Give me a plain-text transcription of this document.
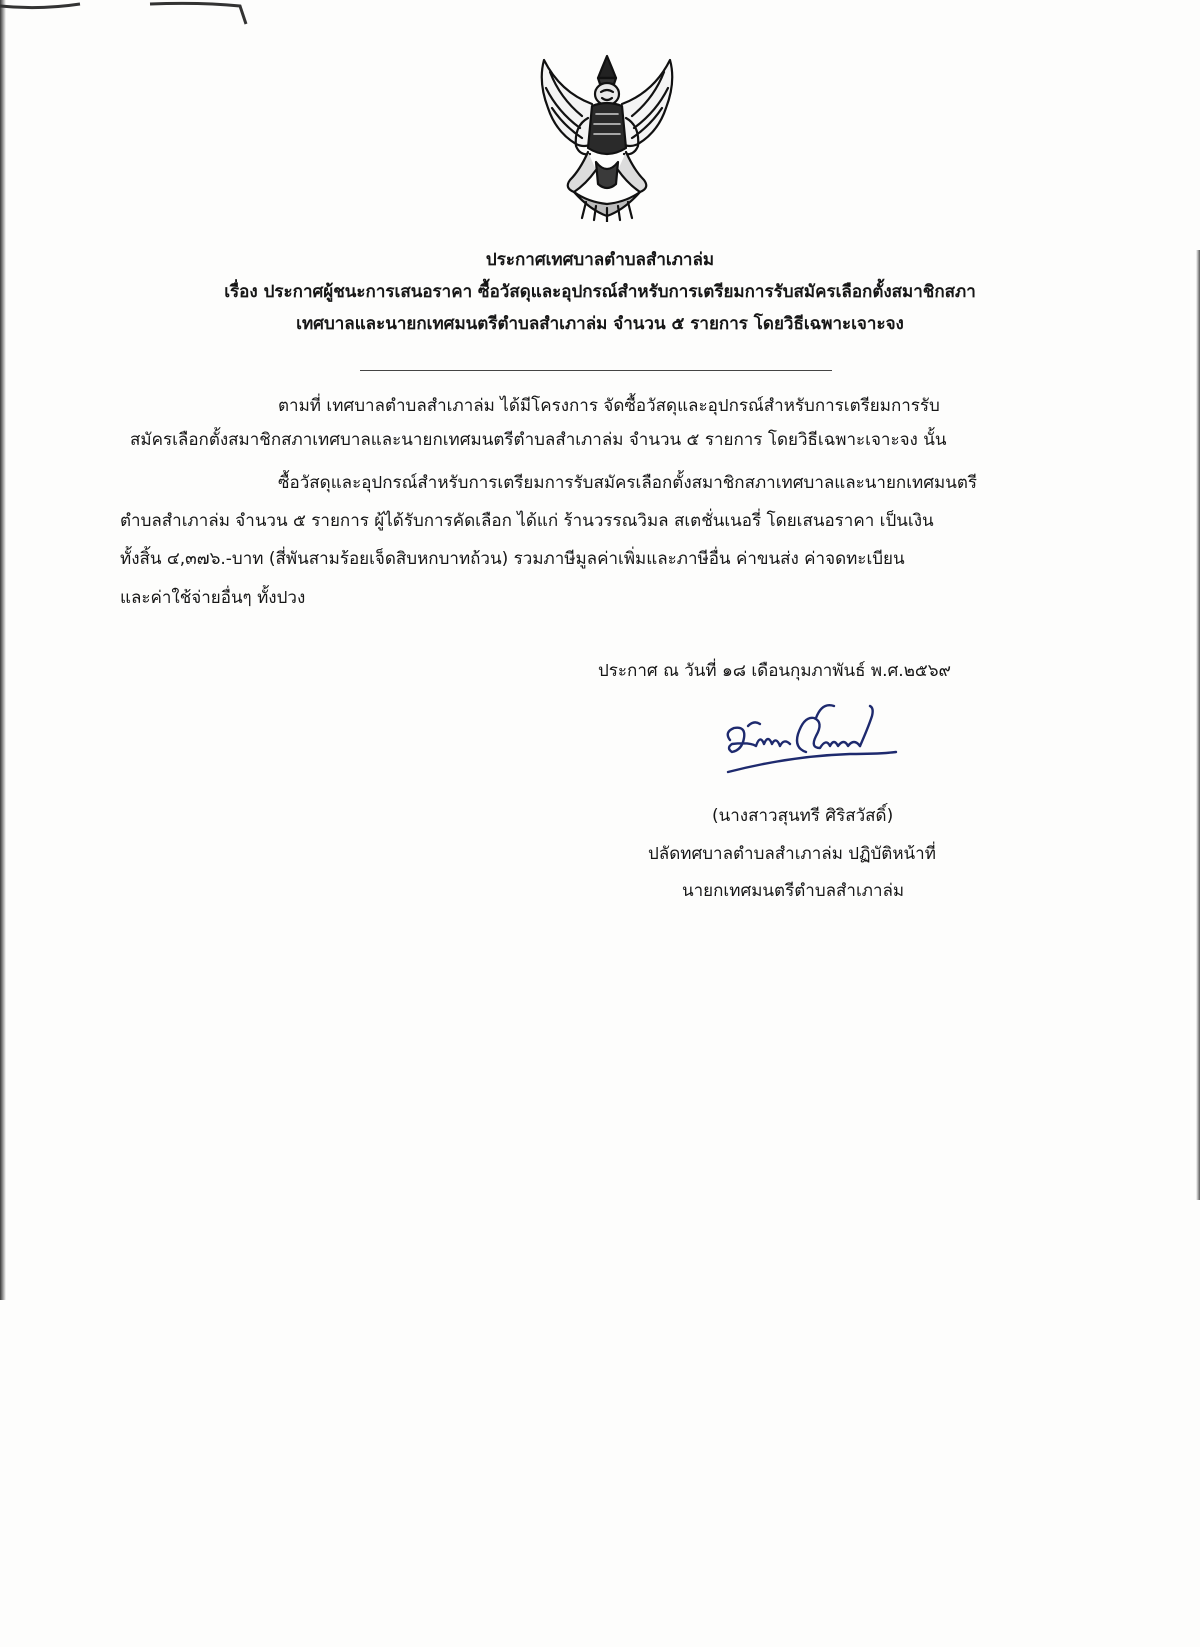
ประกาศเทศบาลตำบลสำเภาล่ม
เรื่อง ประกาศผู้ชนะการเสนอราคา ซื้อวัสดุและอุปกรณ์สำหรับการเตรียมการรับสมัครเลือกตั้งสมาชิกสภา
เทศบาลและนายกเทศมนตรีตำบลสำเภาล่ม จำนวน ๕ รายการ โดยวิธีเฉพาะเจาะจง
ตามที่ เทศบาลตำบลสำเภาล่ม ได้มีโครงการ จัดซื้อวัสดุและอุปกรณ์สำหรับการเตรียมการรับ
สมัครเลือกตั้งสมาชิกสภาเทศบาลและนายกเทศมนตรีตำบลสำเภาล่ม จำนวน ๕ รายการ โดยวิธีเฉพาะเจาะจง นั้น
ซื้อวัสดุและอุปกรณ์สำหรับการเตรียมการรับสมัครเลือกตั้งสมาชิกสภาเทศบาลและนายกเทศมนตรี
ตำบลสำเภาล่ม จำนวน ๕ รายการ ผู้ได้รับการคัดเลือก ได้แก่ ร้านวรรณวิมล สเตชั่นเนอรี่ โดยเสนอราคา เป็นเงิน
ทั้งสิ้น ๔,๓๗๖.-บาท (สี่พันสามร้อยเจ็ดสิบหกบาทถ้วน) รวมภาษีมูลค่าเพิ่มและภาษีอื่น ค่าขนส่ง ค่าจดทะเบียน
และค่าใช้จ่ายอื่นๆ ทั้งปวง
ประกาศ ณ วันที่ ๑๘ เดือนกุมภาพันธ์ พ.ศ.๒๕๖๙
(นางสาวสุนทรี ศิริสวัสดิ์)
ปลัดทศบาลตำบลสำเภาล่ม ปฏิบัติหน้าที่
นายกเทศมนตรีตำบลสำเภาล่ม
